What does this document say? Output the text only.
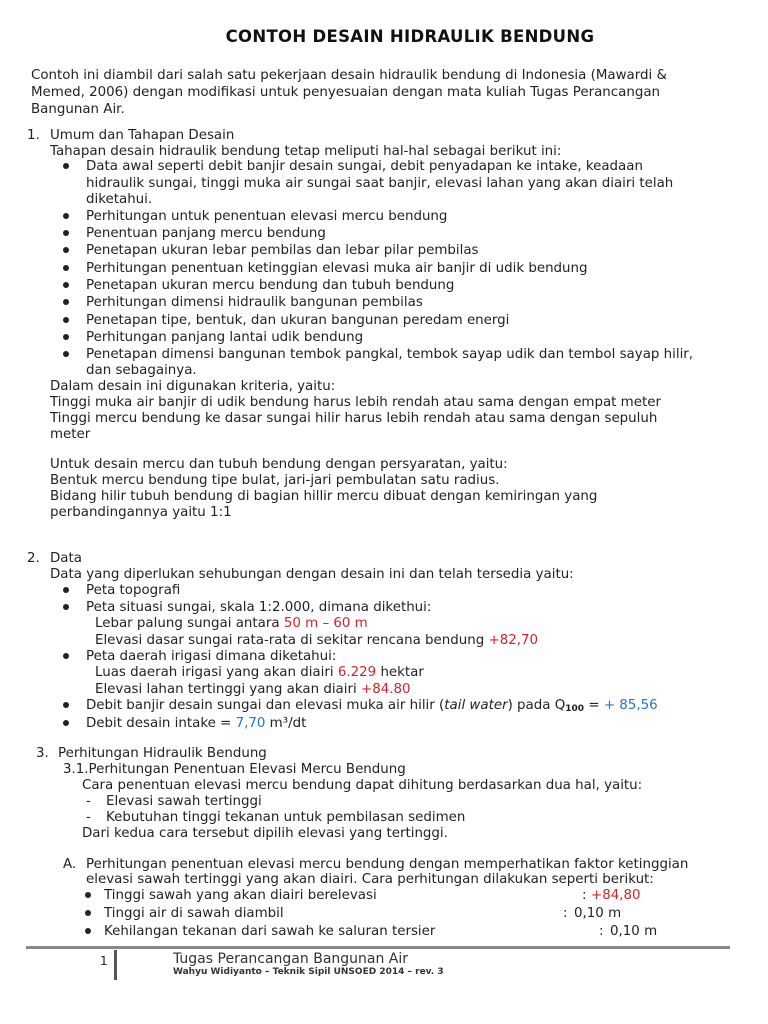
CONTOH DESAIN HIDRAULIK BENDUNG
Contoh ini diambil dari salah satu pekerjaan desain hidraulik bendung di Indonesia (Mawardi &
Memed, 2006) dengan modifikasi untuk penyesuaian dengan mata kuliah Tugas Perancangan
Bangunan Air.
1. Umum dan Tahapan Desain
Tahapan desain hidraulik bendung tetap meliputi hal-hal sebagai berikut ini:
Data awal seperti debit banjir desain sungai, debit penyadapan ke intake, keadaan
hidraulik sungai, tinggi muka air sungai saat banjir, elevasi lahan yang akan diairi telah
diketahui.
Perhitungan untuk penentuan elevasi mercu bendung
Penentuan panjang mercu bendung
Penetapan ukuran lebar pembilas dan lebar pilar pembilas
Perhitungan penentuan ketinggian elevasi muka air banjir di udik bendung
Penetapan ukuran mercu bendung dan tubuh bendung
Perhitungan dimensi hidraulik bangunan pembilas
Penetapan tipe, bentuk, dan ukuran bangunan peredam energi
Perhitungan panjang lantai udik bendung
Penetapan dimensi bangunan tembok pangkal, tembok sayap udik dan tembol sayap hilir,
dan sebagainya.
Dalam desain ini digunakan kriteria, yaitu:
Tinggi muka air banjir di udik bendung harus lebih rendah atau sama dengan empat meter
Tinggi mercu bendung ke dasar sungai hilir harus lebih rendah atau sama dengan sepuluh
meter
Untuk desain mercu dan tubuh bendung dengan persyaratan, yaitu:
Bentuk mercu bendung tipe bulat, jari-jari pembulatan satu radius.
Bidang hilir tubuh bendung di bagian hillir mercu dibuat dengan kemiringan yang
perbandingannya yaitu 1:1
2. Data
Data yang diperlukan sehubungan dengan desain ini dan telah tersedia yaitu:
Peta topografi
Peta situasi sungai, skala 1:2.000, dimana dikethui:
Lebar palung sungai antara 50 m – 60 m
Elevasi dasar sungai rata-rata di sekitar rencana bendung +82,70
Peta daerah irigasi dimana diketahui:
Luas daerah irigasi yang akan diairi 6.229 hektar
Elevasi lahan tertinggi yang akan diairi +84.80
Debit banjir desain sungai dan elevasi muka air hilir (tail water) pada $Q_{100}$ = + 85,56
Debit desain intake = 7,70 m³/dt
3. Perhitungan Hidraulik Bendung
3.1.Perhitungan Penentuan Elevasi Mercu Bendung
Cara penentuan elevasi mercu bendung dapat dihitung berdasarkan dua hal, yaitu:
- Elevasi sawah tertinggi
- Kebutuhan tinggi tekanan untuk pembilasan sedimen
Dari kedua cara tersebut dipilih elevasi yang tertinggi.
A. Perhitungan penentuan elevasi mercu bendung dengan memperhatikan faktor ketinggian
elevasi sawah tertinggi yang akan diairi. Cara perhitungan dilakukan seperti berikut:
Tinggi sawah yang akan diairi berelevasi	: +84,80
Tinggi air di sawah diambil	: 0,10 m
Kehilangan tekanan dari sawah ke saluran tersier	: 0,10 m
1	Tugas Perancangan Bangunan Air
Wahyu Widiyanto – Teknik Sipil UNSOED 2014 – rev. 3
